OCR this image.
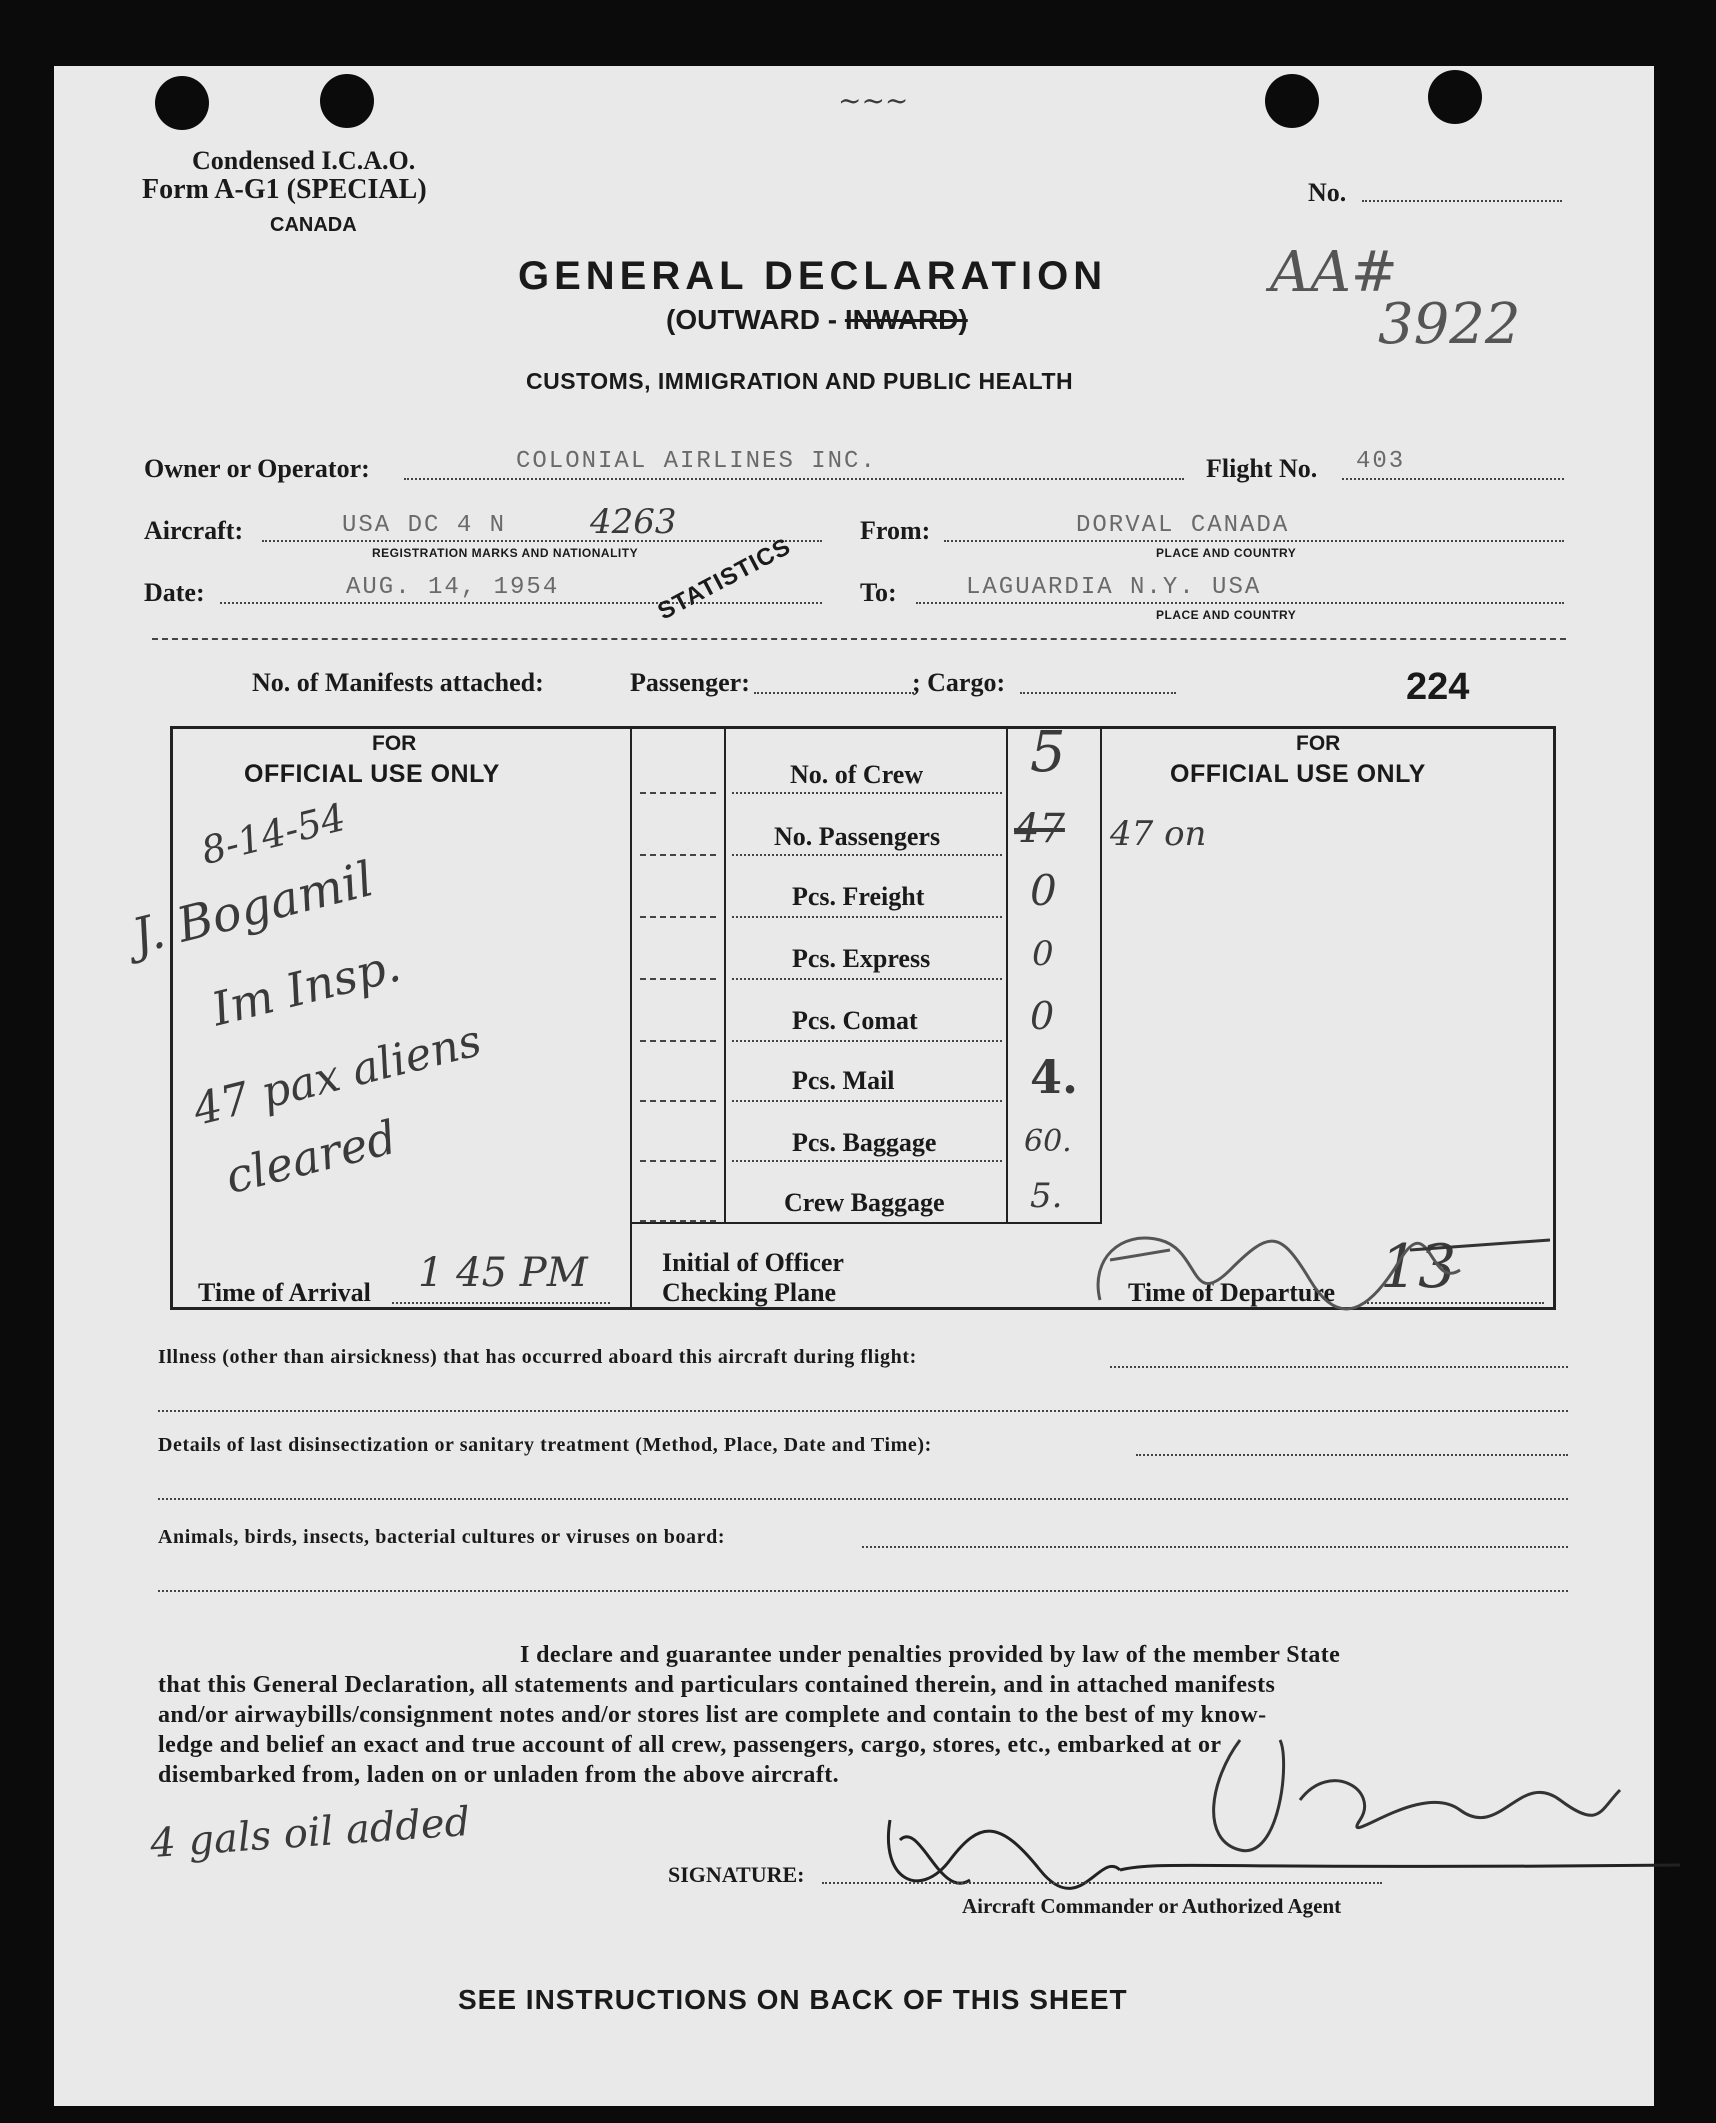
Condensed I.C.A.O.
Form A-G1 (SPECIAL)
CANADA
No.
~~~
AA#
3922
GENERAL DECLARATION
(OUTWARD - INWARD)
CUSTOMS, IMMIGRATION AND PUBLIC HEALTH
Owner or Operator:	COLONIAL AIRLINES INC.	Flight No. 403
Aircraft:	USA DC 4 N 4263
REGISTRATION MARKS AND NATIONALITY
From:	DORVAL CANADA
PLACE AND COUNTRY
Date:	AUG. 14, 1954	STATISTICS To:	LAGUARDIA N.Y. USA
PLACE AND COUNTRY
No. of Manifests attached:	Passenger:	; Cargo:	224
FOR
OFFICIAL USE ONLY
FOR
OFFICIAL USE ONLY
No. of Crew 5
No. Passengers 47 47 on
Pcs. Freight	0
Pcs. Express	0
Pcs. Comat	0
Pcs. Mail	4.
Pcs. Baggage	60.
Crew Baggage	5.
8-14-54
J. Bogamil
Im Insp.
47 pax aliens
cleared
Time of Arrival 1 45 PM	Initial of Officer
Checking Plane	Time of Departure 13
Illness (other than airsickness) that has occurred aboard this aircraft during flight:
Details of last disinsectization or sanitary treatment (Method, Place, Date and Time):
Animals, birds, insects, bacterial cultures or viruses on board:
I declare and guarantee under penalties provided by law of the member State
that this General Declaration, all statements and particulars contained therein, and in attached manifests
and/or airwaybills/consignment notes and/or stores list are complete and contain to the best of my know-
ledge and belief an exact and true account of all crew, passengers, cargo, stores, etc., embarked at or
disembarked from, laden on or unladen from the above aircraft.
4 gals oil added
SIGNATURE:
Aircraft Commander or Authorized Agent
SEE INSTRUCTIONS ON BACK OF THIS SHEET
